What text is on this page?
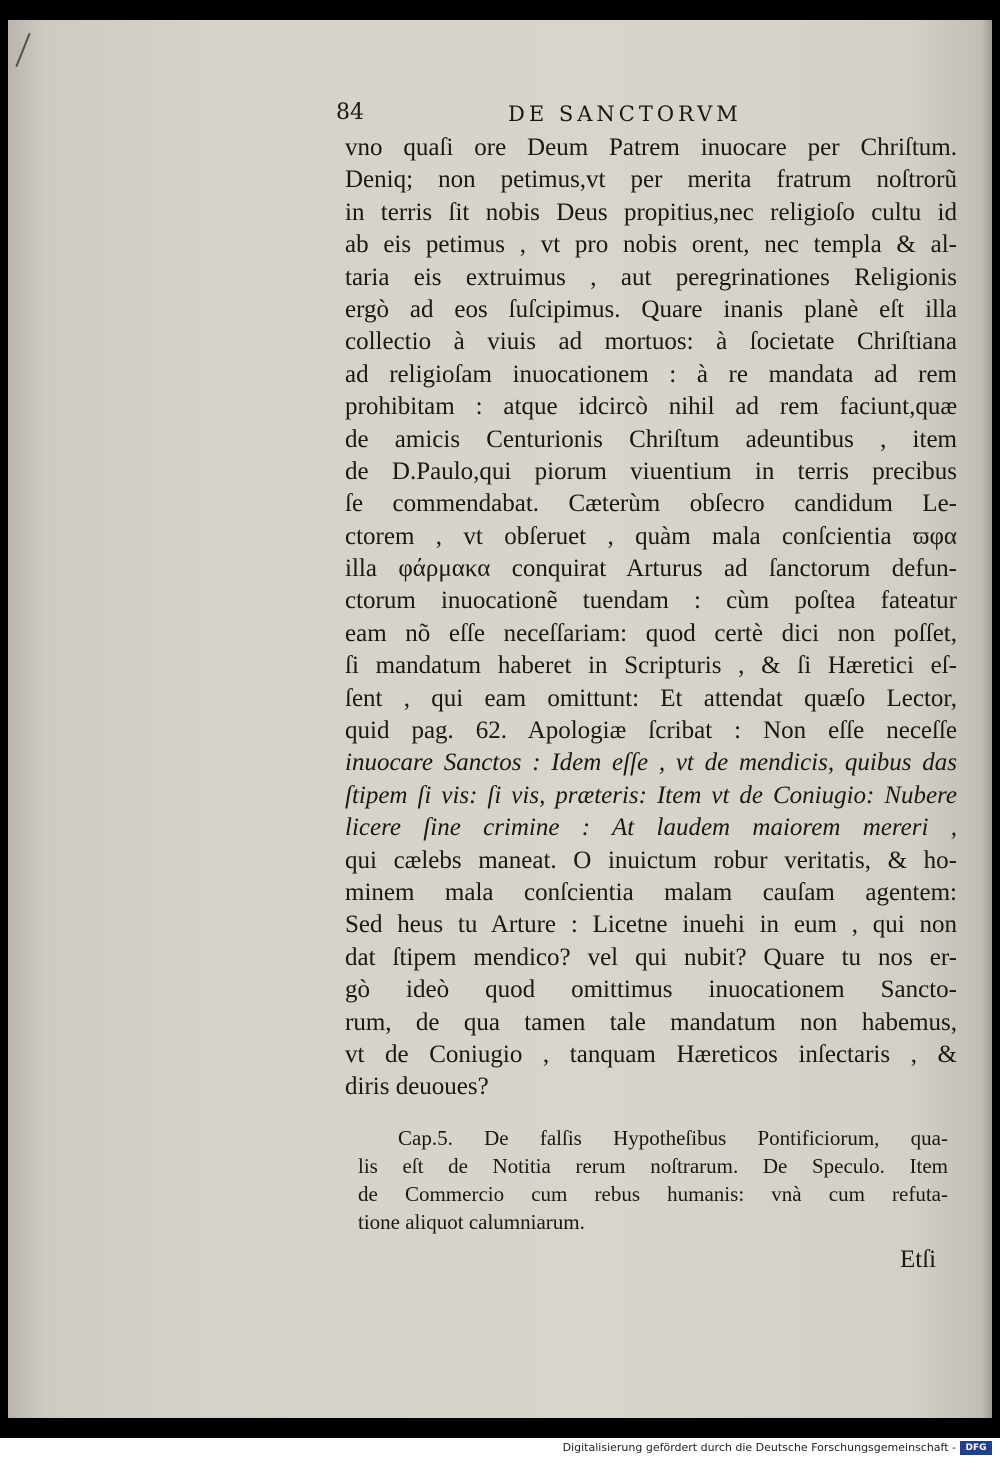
84	DE SANCTORVM
vno quaſi ore Deum Patrem inuocare per Chriſtum.
Deniq; non petimus,vt per merita fratrum noſtrorũ
in terris ſit nobis Deus propitius,nec religioſo cultu id
ab eis petimus , vt pro nobis orent, nec templa & al-
taria eis extruimus , aut peregrinationes Religionis
ergò ad eos ſuſcipimus. Quare inanis planè eſt illa
collectio à viuis ad mortuos: à ſocietate Chriſtiana
ad religioſam inuocationem : à re mandata ad rem
prohibitam : atque idcircò nihil ad rem faciunt,quæ
de amicis Centurionis Chriſtum adeuntibus , item
de D.Paulo,qui piorum viuentium in terris precibus
ſe commendabat. Cæterùm obſecro candidum Le-
ctorem , vt obſeruet , quàm mala conſcientia ϖφα
illa φάρμακα conquirat Arturus ad ſanctorum defun-
ctorum inuocationẽ tuendam : cùm poſtea fateatur
eam nõ eſſe neceſſariam: quod certè dici non poſſet,
ſi mandatum haberet in Scripturis , & ſi Hæretici eſ-
ſent , qui eam omittunt: Et attendat quæſo Lector,
quid pag. 62. Apologiæ ſcribat : Non eſſe neceſſe
inuocare Sanctos : Idem eſſe , vt de mendicis, quibus das
ſtipem ſi vis: ſi vis, præteris: Item vt de Coniugio: Nubere
licere ſine crimine : At laudem maiorem mereri ,
qui cælebs maneat. O inuictum robur veritatis, & ho-
minem mala conſcientia malam cauſam agentem:
Sed heus tu Arture : Licetne inuehi in eum , qui non
dat ſtipem mendico? vel qui nubit? Quare tu nos er-
gò ideò quod omittimus inuocationem Sancto-
rum, de qua tamen tale mandatum non habemus,
vt de Coniugio , tanquam Hæreticos inſectaris , &
diris deuoues?
Cap.5. De falſis Hypotheſibus Pontificiorum, qua-
lis eſt de Notitia rerum noſtrarum. De Speculo. Item
de Commercio cum rebus humanis: vnà cum refuta-
tione aliquot calumniarum.
Etſi
Digitalisierung gefördert durch die Deutsche Forschungsgemeinschaft -	DFG
